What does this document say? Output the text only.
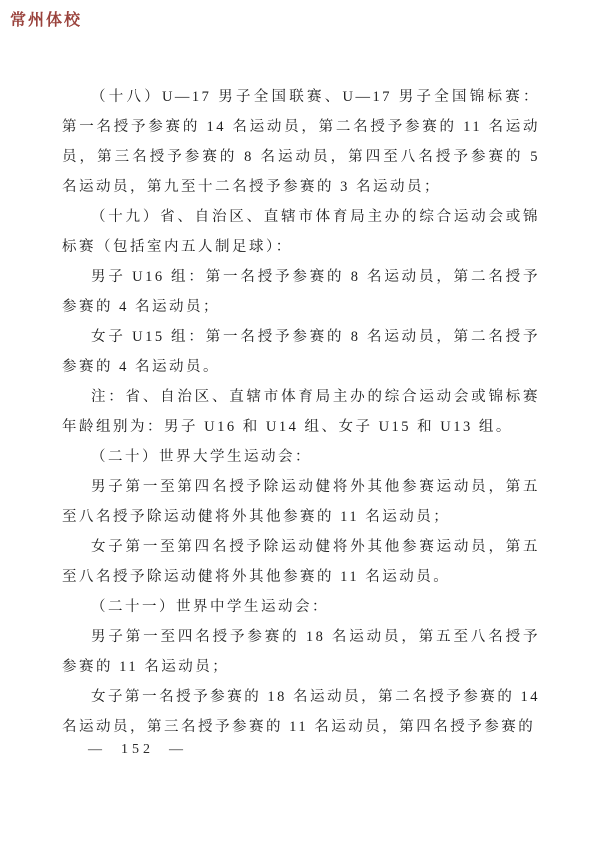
常州体校

（十八）U—17 男子全国联赛、U—17 男子全国锦标赛：第一名授予参赛的 14 名运动员，第二名授予参赛的 11 名运动员，第三名授予参赛的 8 名运动员，第四至八名授予参赛的 5 名运动员，第九至十二名授予参赛的 3 名运动员；

（十九）省、自治区、直辖市体育局主办的综合运动会或锦标赛（包括室内五人制足球）：

男子 U16 组：第一名授予参赛的 8 名运动员，第二名授予参赛的 4 名运动员；

女子 U15 组：第一名授予参赛的 8 名运动员，第二名授予参赛的 4 名运动员。

注：省、自治区、直辖市体育局主办的综合运动会或锦标赛年龄组别为：男子 U16 和 U14 组、女子 U15 和 U13 组。

（二十）世界大学生运动会：

男子第一至第四名授予除运动健将外其他参赛运动员，第五至八名授予除运动健将外其他参赛的 11 名运动员；

女子第一至第四名授予除运动健将外其他参赛运动员，第五至八名授予除运动健将外其他参赛的 11 名运动员。

（二十一）世界中学生运动会：

男子第一至四名授予参赛的 18 名运动员，第五至八名授予参赛的 11 名运动员；

女子第一名授予参赛的 18 名运动员，第二名授予参赛的 14 名运动员，第三名授予参赛的 11 名运动员，第四名授予参赛的

—  152  —
